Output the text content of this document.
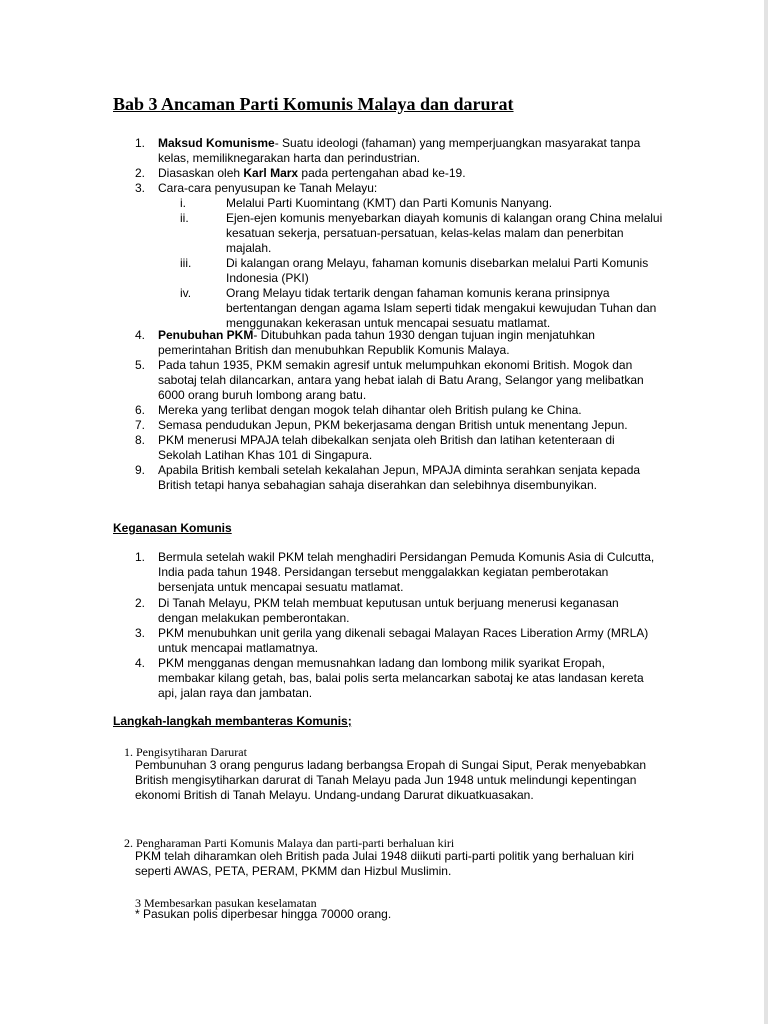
Bab 3 Ancaman Parti Komunis Malaya dan darurat
1. Maksud Komunisme- Suatu ideologi (fahaman) yang memperjuangkan masyarakat tanpa kelas, memiliknegarakan harta dan perindustrian.

2. Diasaskan oleh Karl Marx pada pertengahan abad ke-19.

3. Cara-cara penyusupan ke Tanah Melayu:

i.	Melalui Parti Kuomintang (KMT) dan Parti Komunis Nanyang.

ii.	Ejen-ejen komunis menyebarkan diayah komunis di kalangan orang China melalui kesatuan sekerja, persatuan-persatuan, kelas-kelas malam dan penerbitan majalah.

iii.	Di kalangan orang Melayu, fahaman komunis disebarkan melalui Parti Komunis Indonesia (PKI)

iv.	Orang Melayu tidak tertarik dengan fahaman komunis kerana prinsipnya bertentangan dengan agama Islam seperti tidak mengakui kewujudan Tuhan dan menggunakan kekerasan untuk mencapai sesuatu matlamat.

4. Penubuhan PKM- Ditubuhkan pada tahun 1930 dengan tujuan ingin menjatuhkan pemerintahan British dan menubuhkan Republik Komunis Malaya.

5. Pada tahun 1935, PKM semakin agresif untuk melumpuhkan ekonomi British. Mogok dan sabotaj telah dilancarkan, antara yang hebat ialah di Batu Arang, Selangor yang melibatkan 6000 orang buruh lombong arang batu.

6. Mereka yang terlibat dengan mogok telah dihantar oleh British pulang ke China.

7. Semasa pendudukan Jepun, PKM bekerjasama dengan British untuk menentang Jepun.

8. PKM menerusi MPAJA telah dibekalkan senjata oleh British dan latihan ketenteraan di Sekolah Latihan Khas 101 di Singapura.

9. Apabila British kembali setelah kekalahan Jepun, MPAJA diminta serahkan senjata kepada British tetapi hanya sebahagian sahaja diserahkan dan selebihnya disembunyikan.

Keganasan Komunis
1. Bermula setelah wakil PKM telah menghadiri Persidangan Pemuda Komunis Asia di Culcutta, India pada tahun 1948. Persidangan tersebut menggalakkan kegiatan pemberotakan bersenjata untuk mencapai sesuatu matlamat.

2. Di Tanah Melayu, PKM telah membuat keputusan untuk berjuang menerusi keganasan dengan melakukan pemberontakan.

3. PKM menubuhkan unit gerila yang dikenali sebagai Malayan Races Liberation Army (MRLA) untuk mencapai matlamatnya.

4. PKM mengganas dengan memusnahkan ladang dan lombong milik syarikat Eropah, membakar kilang getah, bas, balai polis serta melancarkan sabotaj ke atas landasan kereta api, jalan raya dan jambatan.

Langkah-langkah membanteras Komunis;

1. Pengisytiharan Darurat

Pembunuhan 3 orang pengurus ladang berbangsa Eropah di Sungai Siput, Perak menyebabkan British mengisytiharkan darurat di Tanah Melayu pada Jun 1948 untuk melindungi kepentingan ekonomi British di Tanah Melayu. Undang-undang Darurat dikuatkuasakan.

2. Pengharaman Parti Komunis Malaya dan parti-parti berhaluan kiri

PKM telah diharamkan oleh British pada Julai 1948 diikuti parti-parti politik yang berhaluan kiri seperti AWAS, PETA, PERAM, PKMM dan Hizbul Muslimin.

3 Membesarkan pasukan keselamatan

* Pasukan polis diperbesar hingga 70000 orang.
